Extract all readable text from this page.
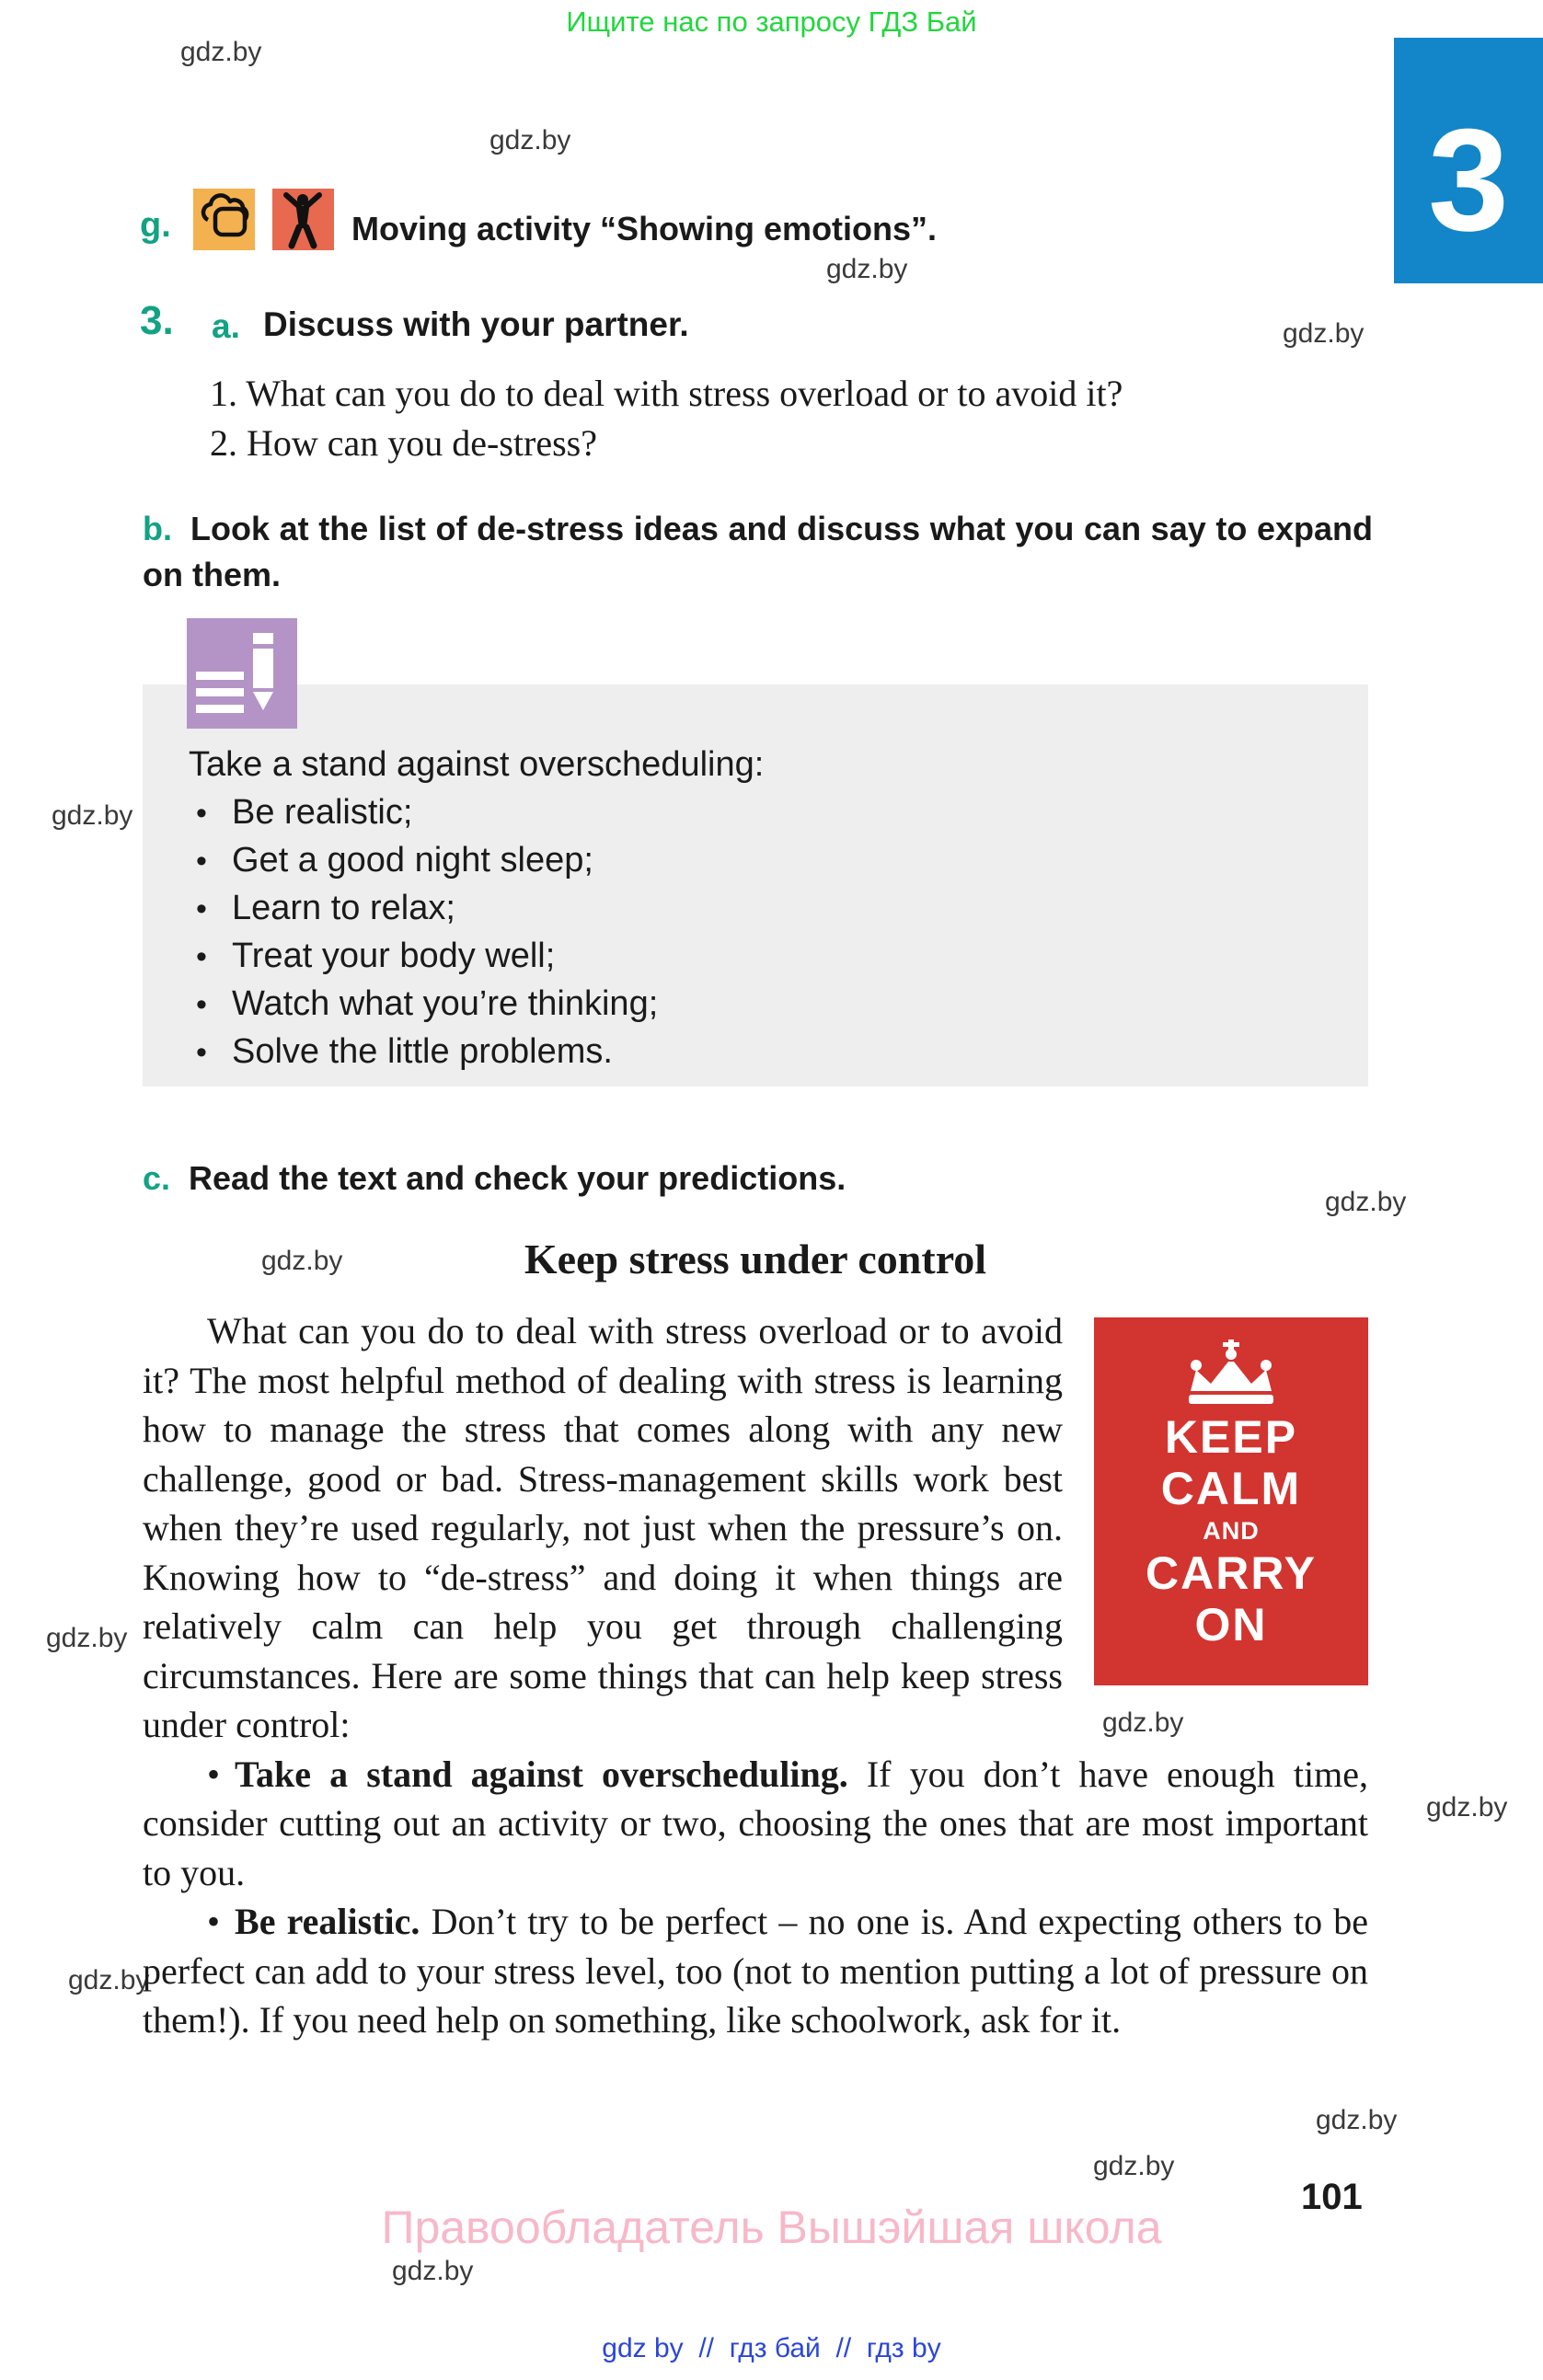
Ищите нас по запросу ГДЗ Бай
gdz.by
gdz.by
gdz.by
gdz.by
gdz.by
gdz.by
gdz.by
gdz.by
gdz.by
gdz.by
gdz.by
gdz.by
gdz.by
gdz.by
3
g.	Moving activity “Showing emotions”.
3. a. Discuss with your partner.
1. What can you do to deal with stress overload or to avoid it?
2. How can you de-stress?
b. Look at the list of de-stress ideas and discuss what you can say to expand on them.
Take a stand against overscheduling:
• Be realistic;
• Get a good night sleep;
• Learn to relax;
• Treat your body well;
• Watch what you’re thinking;
• Solve the little problems.
c. Read the text and check your predictions.
Keep stress under control
KEEP
CALM
AND
CARRY
ON

What can you do to deal with stress overload or to avoid it? The most helpful method of dealing with stress is learning how to manage the stress that comes along with any new challenge, good or bad. Stress-management skills work best when they’re used regularly, not just when the pressure’s on. Knowing how to “de-stress” and doing it when things are relatively calm can help you get through challenging circumstances. Here are some things that can help keep stress under control:

• Take a stand against overscheduling. If you don’t have enough time, consider cutting out an activity or two, choosing the ones that are most important to you.

• Be realistic. Don’t try to be perfect – no one is. And expecting others to be perfect can add to your stress level, too (not to mention putting a lot of pressure on them!). If you need help on something, like schoolwork, ask for it.

101
Правообладатель Вышэйшая школа
gdz by  //  гдз бай  //  гдз by
